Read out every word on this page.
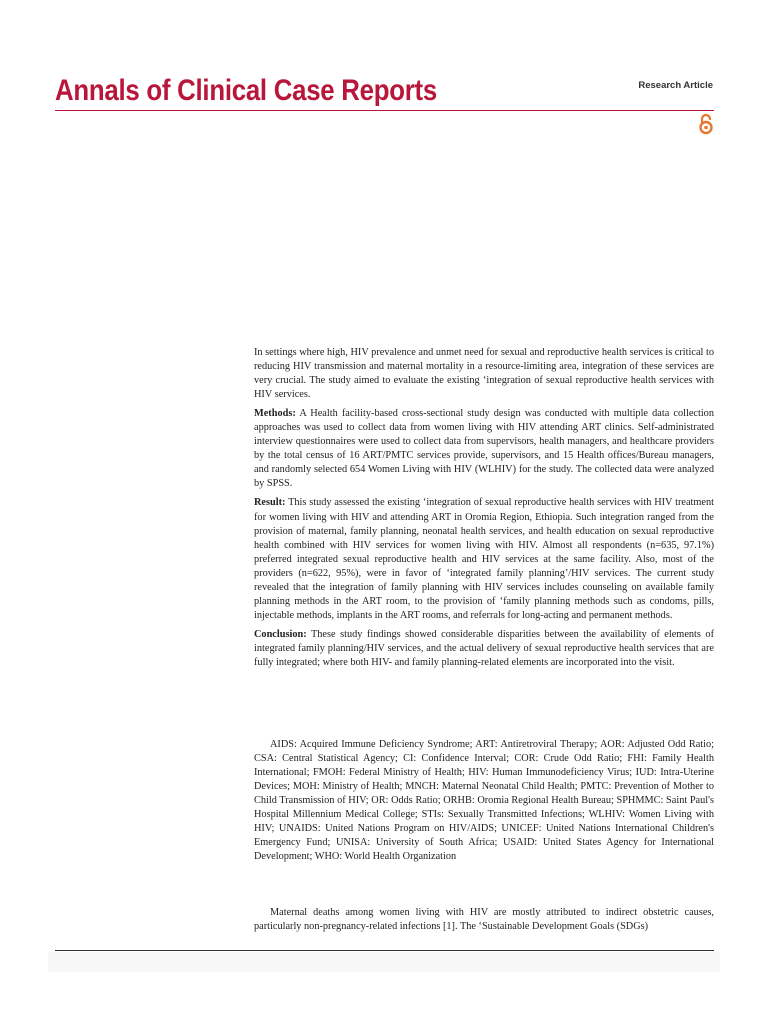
Annals of Clinical Case Reports	Research Article

In settings where high, HIV prevalence and unmet need for sexual and reproductive health services is critical to reducing HIV transmission and maternal mortality in a resource-limiting area, integration of these services are very crucial. The study aimed to evaluate the existing ‘integration of sexual reproductive health services with HIV services.

Methods: A Health facility-based cross-sectional study design was conducted with multiple data collection approaches was used to collect data from women living with HIV attending ART clinics. Self-administrated interview questionnaires were used to collect data from supervisors, health managers, and healthcare providers by the total census of 16 ART/PMTC services provide, supervisors, and 15 Health offices/Bureau managers, and randomly selected 654 Women Living with HIV (WLHIV) for the study. The collected data were analyzed by SPSS.

Result: This study assessed the existing ‘integration of sexual reproductive health services with HIV treatment for women living with HIV and attending ART in Oromia Region, Ethiopia. Such integration ranged from the provision of maternal, family planning, neonatal health services, and health education on sexual reproductive health combined with HIV services for women living with HIV. Almost all respondents (n=635, 97.1%) preferred integrated sexual reproductive health and HIV services at the same facility. Also, most of the providers (n=622, 95%), were in favor of ‘integrated family planning’/HIV services. The current study revealed that the integration of family planning with HIV services includes counseling on available family planning methods in the ART room, to the provision of ‘family planning methods such as condoms, pills, injectable methods, implants in the ART rooms, and referrals for long-acting and permanent methods.

Conclusion: These study findings showed considerable disparities between the availability of elements of integrated family planning/HIV services, and the actual delivery of sexual reproductive health services that are fully integrated; where both HIV- and family planning-related elements are incorporated into the visit.

AIDS: Acquired Immune Deficiency Syndrome; ART: Antiretroviral Therapy; AOR: Adjusted Odd Ratio; CSA: Central Statistical Agency; CI: Confidence Interval; COR: Crude Odd Ratio; FHI: Family Health International; FMOH: Federal Ministry of Health; HIV: Human Immunodeficiency Virus; IUD: Intra-Uterine Devices; MOH: Ministry of Health; MNCH: Maternal Neonatal Child Health; PMTC: Prevention of Mother to Child Transmission of HIV; OR: Odds Ratio; ORHB: Oromia Regional Health Bureau; SPHMMC: Saint Paul's Hospital Millennium Medical College; STIs: Sexually Transmitted Infections; WLHIV: Women Living with HIV; UNAIDS: United Nations Program on HIV/AIDS; UNICEF: United Nations International Children's Emergency Fund; UNISA: University of South Africa; USAID: United States Agency for International Development; WHO: World Health Organization

Maternal deaths among women living with HIV are mostly attributed to indirect obstetric causes, particularly non-pregnancy-related infections [1]. The ‘Sustainable Development Goals (SDGs)
